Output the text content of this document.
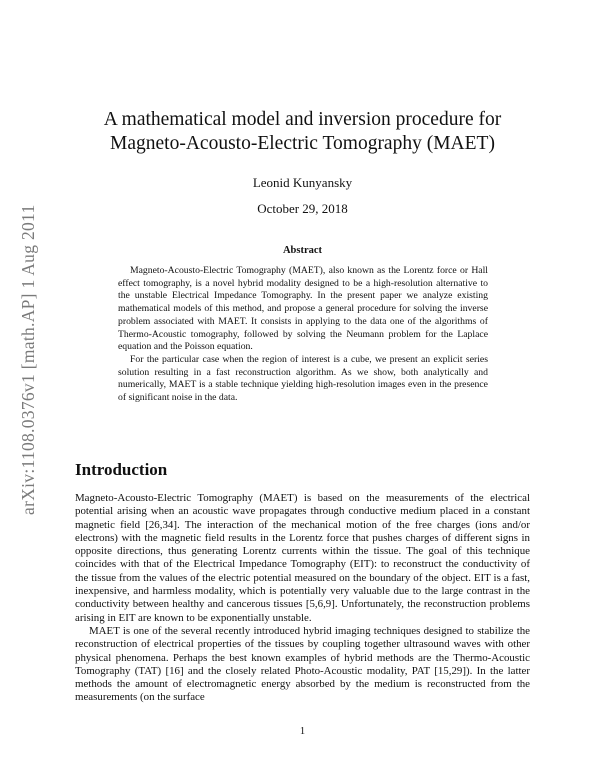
arXiv:1108.0376v1 [math.AP] 1 Aug 2011
A mathematical model and inversion procedure for
Magneto-Acousto-Electric Tomography (MAET)
Leonid Kunyansky
October 29, 2018
Abstract

Magneto-Acousto-Electric Tomography (MAET), also known as the Lorentz force or Hall effect tomography, is a novel hybrid modality designed to be a high-resolution alternative to the unstable Electrical Impedance Tomography. In the present paper we analyze existing mathematical models of this method, and propose a general procedure for solving the inverse problem associated with MAET. It consists in applying to the data one of the algorithms of Thermo-Acoustic tomography, followed by solving the Neumann problem for the Laplace equation and the Poisson equation.

For the particular case when the region of interest is a cube, we present an explicit series solution resulting in a fast reconstruction algorithm. As we show, both analytically and numerically, MAET is a stable technique yielding high-resolution images even in the presence of significant noise in the data.

Introduction

Magneto-Acousto-Electric Tomography (MAET) is based on the measurements of the electrical potential arising when an acoustic wave propagates through conductive medium placed in a constant magnetic field [26,34]. The interaction of the mechanical motion of the free charges (ions and/or electrons) with the magnetic field results in the Lorentz force that pushes charges of different signs in opposite directions, thus generating Lorentz currents within the tissue. The goal of this technique coincides with that of the Electrical Impedance Tomography (EIT): to reconstruct the conductivity of the tissue from the values of the electric potential measured on the boundary of the object. EIT is a fast, inexpensive, and harmless modality, which is potentially very valuable due to the large contrast in the conductivity between healthy and cancerous tissues [5,6,9]. Unfortunately, the reconstruction problems arising in EIT are known to be exponentially unstable.

MAET is one of the several recently introduced hybrid imaging techniques designed to stabilize the reconstruction of electrical properties of the tissues by coupling together ultrasound waves with other physical phenomena. Perhaps the best known examples of hybrid methods are the Thermo-Acoustic Tomography (TAT) [16] and the closely related Photo-Acoustic modality, PAT [15,29]). In the latter methods the amount of electromagnetic energy absorbed by the medium is reconstructed from the measurements (on the surface

1
